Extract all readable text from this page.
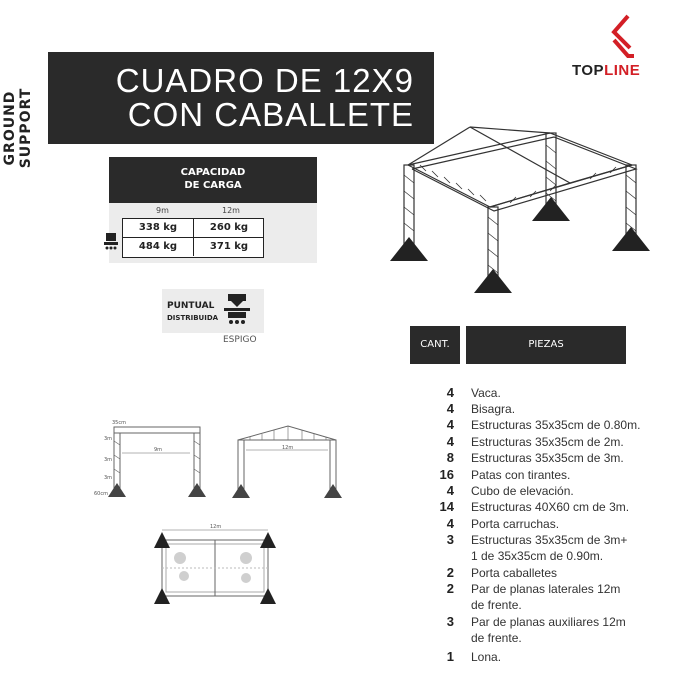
GROUND SUPPORT
CUADRO DE 12X9
CON CABALLETE
TOPLINE
CAPACIDAD
DE CARGA
9m	12m
338 kg	260 kg
484 kg	371 kg
PUNTUAL
DISTRIBUIDA
ESPIGO
35cm
3m
3m
3m
9m
60cm
12m
12m
CANT.	PIEZAS
4 Vaca.
4 Bisagra.
4 Estructuras 35x35cm de 0.80m.
4 Estructuras 35x35cm de 2m.
8 Estructuras 35x35cm de 3m.
16 Patas con tirantes.
4 Cubo de elevación.
14 Estructuras 40X60 cm de 3m.
4 Porta carruchas.
3 Estructuras 35x35cm de 3m+
1 de 35x35cm de 0.90m.
2 Porta caballetes
2 Par de planas laterales 12m
de frente.
3 Par de planas auxiliares 12m
de frente.
1 Lona.
